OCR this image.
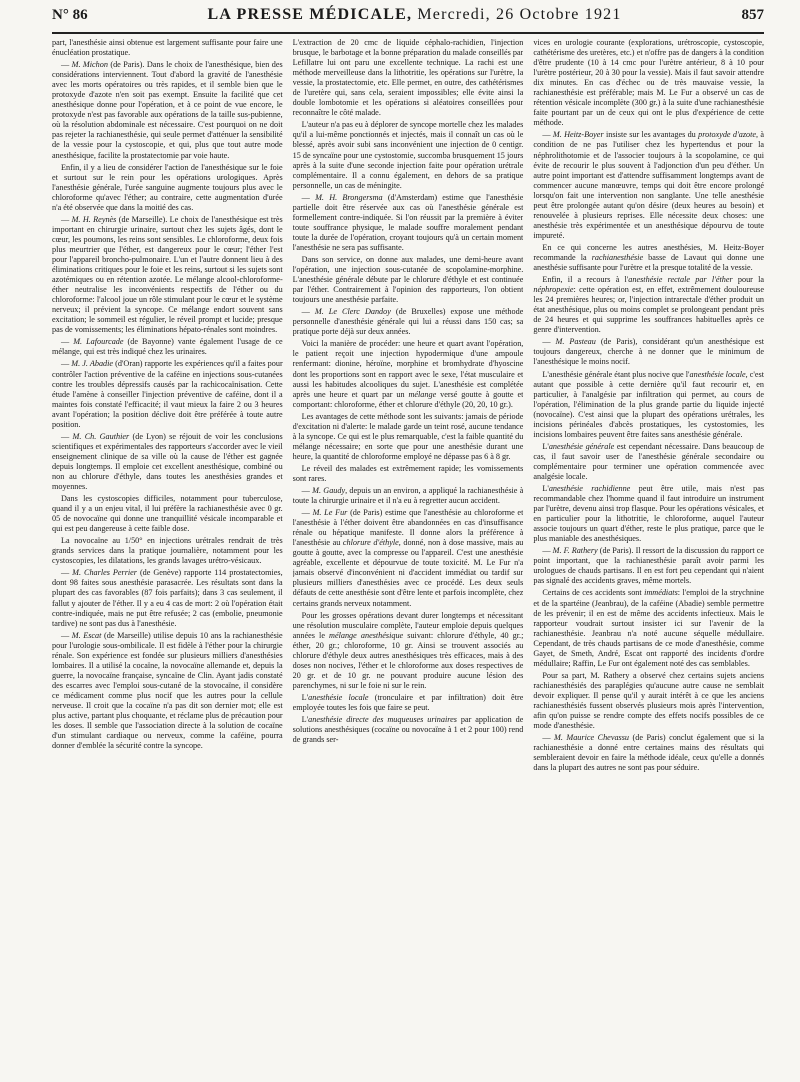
N° 86	LA PRESSE MÉDICALE, Mercredi, 26 Octobre 1921	857

part, l'anesthésie ainsi obtenue est largement suffisante pour faire une énucléation prostatique.

— M. Michon (de Paris). Dans le choix de l'anesthésique, bien des considérations interviennent. Tout d'abord la gravité de l'anesthésie avec les morts opératoires ou très rapides, et il semble bien que le protoxyde d'azote n'en soit pas exempt. Ensuite la facilité que cet anesthésique donne pour l'opération, et à ce point de vue encore, le protoxyde n'est pas favorable aux opérations de la taille sus-pubienne, où la résolution abdominale est nécessaire. C'est pourquoi on ne doit pas rejeter la rachianesthésie, qui seule permet d'atténuer la sensibilité de la vessie pour la cystoscopie, et qui, plus que tout autre mode anesthésique, facilite la prostatectomie par voie haute.

Enfin, il y a lieu de considérer l'action de l'anesthésique sur le foie et surtout sur le rein pour les opérations urologiques. Après l'anesthésie générale, l'urée sanguine augmente toujours plus avec le chloroforme qu'avec l'éther; au contraire, cette augmentation d'urée n'a été observée que dans la moitié des cas.

— M. H. Reynès (de Marseille). Le choix de l'anesthésique est très important en chirurgie urinaire, surtout chez les sujets âgés, dont le cœur, les poumons, les reins sont sensibles. Le chloroforme, deux fois plus meurtrier que l'éther, est dangereux pour le cœur; l'éther l'est pour l'appareil broncho-pulmonaire. L'un et l'autre donnent lieu à des éliminations critiques pour le foie et les reins, surtout si les sujets sont azotémiques ou en rétention azotée. Le mélange alcool-chloroforme-éther neutralise les inconvénients respectifs de l'éther ou du chloroforme: l'alcool joue un rôle stimulant pour le cœur et le système nerveux; il prévient la syncope. Ce mélange endort souvent sans excitation; le sommeil est régulier, le réveil prompt et lucide; presque pas de vomissements; les éliminations hépato-rénales sont moindres.

— M. Lafourcade (de Bayonne) vante également l'usage de ce mélange, qui est très indiqué chez les urinaires.

— M. J. Abadie (d'Oran) rapporte les expériences qu'il a faites pour contrôler l'action préventive de la caféine en injections sous-cutanées contre les troubles dépressifs causés par la rachicocaïnisation. Cette étude l'amène à conseiller l'injection préventive de caféine, dont il a maintes fois constaté l'efficacité; il vaut mieux la faire 2 ou 3 heures avant l'opération; la position déclive doit être préférée à toute autre position.

— M. Ch. Gauthier (de Lyon) se réjouit de voir les conclusions scientifiques et expérimentales des rapporteurs s'accorder avec le vieil enseignement clinique de sa ville où la cause de l'éther est gagnée depuis longtemps. Il emploie cet excellent anesthésique, combiné ou non au chlorure d'éthyle, dans toutes les anesthésies grandes et moyennes.

Dans les cystoscopies difficiles, notamment pour tuberculose, quand il y a un enjeu vital, il lui préfère la rachianesthésie avec 0 gr. 05 de novocaïne qui donne une tranquillité vésicale incomparable et qui est peu dangereuse à cette faible dose.

La novocaïne au 1/50° en injections urétrales rendrait de très grands services dans la pratique journalière, notamment pour les cystoscopies, les dilatations, les grands lavages urétro-vésicaux.

— M. Charles Perrier (de Genève) rapporte 114 prostatectomies, dont 98 faites sous anesthésie parasacrée. Les résultats sont dans la plupart des cas favorables (87 fois parfaits); dans 3 cas seulement, il fallut y ajouter de l'éther. Il y a eu 4 cas de mort: 2 où l'opération était contre-indiquée, mais ne put être refusée; 2 cas (embolie, pneumonie tardive) ne sont pas dus à l'anesthésie.

— M. Escat (de Marseille) utilise depuis 10 ans la rachianesthésie pour l'urologie sous-ombilicale. Il est fidèle à l'éther pour la chirurgie rénale. Son expérience est fondée sur plusieurs milliers d'anesthésies lombaires. Il a utilisé la cocaïne, la novocaïne allemande et, depuis la guerre, la novocaïne française, syncaïne de Clin. Ayant jadis constaté des escarres avec l'emploi sous-cutané de la stovocaïne, il considère ce médicament comme plus nocif que les autres pour la cellule nerveuse. Il croit que la cocaïne n'a pas dit son dernier mot; elle est plus active, partant plus choquante, et réclame plus de précaution pour les doses. Il semble que l'association directe à la solution de cocaïne d'un stimulant cardiaque ou nerveux, comme la caféine, pourra donner d'emblée la sécurité contre la syncope.

L'extraction de 20 cmc de liquide céphalo-rachidien, l'injection brusque, le barbotage et la bonne préparation du malade conseillés par Lefillatre lui ont paru une excellente technique. La rachi est une méthode merveilleuse dans la lithotritie, les opérations sur l'urètre, la vessie, la prostatectomie, etc. Elle permet, en outre, des cathétérismes de l'uretère qui, sans cela, seraient impossibles; elle évite ainsi la double lombotomie et les opérations si aléatoires conseillées pour reconnaître le côté malade.

L'auteur n'a pas eu à déplorer de syncope mortelle chez les malades qu'il a lui-même ponctionnés et injectés, mais il connaît un cas où le blessé, après avoir subi sans inconvénient une injection de 0 centigr. 15 de syncaïne pour une cystostomie, succomba brusquement 15 jours après à la suite d'une seconde injection faite pour opération urétrale complémentaire. Il a connu également, en dehors de sa pratique personnelle, un cas de méningite.

— M. H. Brongersma (d'Amsterdam) estime que l'anesthésie partielle doit être réservée aux cas où l'anesthésie générale est formellement contre-indiquée. Si l'on réussit par la première à éviter toute souffrance physique, le malade souffre moralement pendant toute la durée de l'opération, croyant toujours qu'à un certain moment l'anesthésie ne sera pas suffisante.

Dans son service, on donne aux malades, une demi-heure avant l'opération, une injection sous-cutanée de scopolamine-morphine. L'anesthésie générale débute par le chlorure d'éthyle et est continuée par l'éther. Contrairement à l'opinion des rapporteurs, l'on obtient toujours une anesthésie parfaite.

— M. Le Clerc Dandoy (de Bruxelles) expose une méthode personnelle d'anesthésie générale qui lui a réussi dans 150 cas; sa pratique porte déjà sur deux années.

Voici la manière de procéder: une heure et quart avant l'opération, le patient reçoit une injection hypodermique d'une ampoule renfermant: dionine, héroïne, morphine et bromhydrate d'hyoscine dont les proportions sont en rapport avec le sexe, l'état musculaire et aussi les habitudes alcooliques du sujet. L'anesthésie est complétée après une heure et quart par un mélange versé goutte à goutte et comportant: chloroforme, éther et chlorure d'éthyle (20, 20, 10 gr.).

Les avantages de cette méthode sont les suivants: jamais de période d'excitation ni d'alerte: le malade garde un teint rosé, aucune tendance à la syncope. Ce qui est le plus remarquable, c'est la faible quantité du mélange nécessaire; en sorte que pour une anesthésie durant une heure, la quantité de chloroforme employé ne dépasse pas 6 à 8 gr.

Le réveil des malades est extrêmement rapide; les vomissements sont rares.

— M. Gaudy, depuis un an environ, a appliqué la rachianesthésie à toute la chirurgie urinaire et il n'a eu à regretter aucun accident.

— M. Le Fur (de Paris) estime que l'anesthésie au chloroforme et l'anesthésie à l'éther doivent être abandonnées en cas d'insuffisance rénale ou hépatique manifeste. Il donne alors la préférence à l'anesthésie au chlorure d'éthyle, donné, non à dose massive, mais au goutte à goutte, avec la compresse ou l'appareil. C'est une anesthésie agréable, excellente et dépourvue de toute toxicité. M. Le Fur n'a jamais observé d'inconvénient ni d'accident immédiat ou tardif sur plusieurs milliers d'anesthésies avec ce procédé. Les deux seuls défauts de cette anesthésie sont d'être lente et parfois incomplète, chez certains grands nerveux notamment.

Pour les grosses opérations devant durer longtemps et nécessitant une résolution musculaire complète, l'auteur emploie depuis quelques années le mélange anesthésique suivant: chlorure d'éthyle, 40 gr.; éther, 20 gr.; chloroforme, 10 gr. Ainsi se trouvent associés au chlorure d'éthyle deux autres anesthésiques très efficaces, mais à des doses non nocives, l'éther et le chloroforme aux doses respectives de 20 gr. et de 10 gr. ne pouvant produire aucune lésion des parenchymes, ni sur le foie ni sur le rein.

L'anesthésie locale (tronculaire et par infiltration) doit être employée toutes les fois que faire se peut.

L'anesthésie directe des muqueuses urinaires par application de solutions anesthésiques (cocaïne ou novocaïne à 1 et 2 pour 100) rend de grands ser-

vices en urologie courante (explorations, urétroscopie, cystoscopie, cathétérisme des uretères, etc.) et n'offre pas de dangers à la condition d'être prudente (10 à 14 cmc pour l'urètre antérieur, 8 à 10 pour l'urètre postérieur, 20 à 30 pour la vessie). Mais il faut savoir attendre dix minutes. En cas d'échec ou de très mauvaise vessie, la rachianesthésie est préférable; mais M. Le Fur a observé un cas de rétention vésicale incomplète (300 gr.) à la suite d'une rachianesthésie faite pourtant par un de ceux qui ont le plus d'expérience de cette méthode.

— M. Heitz-Boyer insiste sur les avantages du protoxyde d'azote, à condition de ne pas l'utiliser chez les hypertendus et pour la néphrolithotomie et de l'associer toujours à la scopolamine, ce qui évite de recourir le plus souvent à l'adjonction d'un peu d'éther. Un autre point important est d'attendre suffisamment longtemps avant de commencer aucune manœuvre, temps qui doit être encore prolongé lorsqu'on fait une intervention non sanglante. Une telle anesthésie peut être prolongée autant qu'on désire (deux heures au besoin) et renouvelée à plusieurs reprises. Elle nécessite deux choses: une anesthésie très expérimentée et un anesthésique dépourvu de toute impureté.

En ce qui concerne les autres anesthésies, M. Heitz-Boyer recommande la rachianesthésie basse de Lavaut qui donne une anesthésie suffisante pour l'urètre et la presque totalité de la vessie.

Enfin, il a recours à l'anesthésie rectale par l'éther pour la néphropexie: cette opération est, en effet, extrêmement douloureuse les 24 premières heures; or, l'injection intrarectale d'éther produit un état anesthésique, plus ou moins complet se prolongeant pendant près de 24 heures et qui supprime les souffrances habituelles après ce genre d'intervention.

— M. Pasteau (de Paris), considérant qu'un anesthésique est toujours dangereux, cherche à ne donner que le minimum de l'anesthésique le moins nocif.

L'anesthésie générale étant plus nocive que l'anesthésie locale, c'est autant que possible à cette dernière qu'il faut recourir et, en particulier, à l'analgésie par infiltration qui permet, au cours de l'opération, l'élimination de la plus grande partie du liquide injecté (novocaïne). C'est ainsi que la plupart des opérations urétrales, les incisions périnéales d'abcès prostatiques, les cystostomies, les incisions lombaires peuvent être faites sans anesthésie générale.

L'anesthésie générale est cependant nécessaire. Dans beaucoup de cas, il faut savoir user de l'anesthésie générale secondaire ou complémentaire pour terminer une opération commencée avec analgésie locale.

L'anesthésie rachidienne peut être utile, mais n'est pas recommandable chez l'homme quand il faut introduire un instrument par l'urètre, devenu ainsi trop flasque. Pour les opérations vésicales, et en particulier pour la lithotritie, le chloroforme, auquel l'auteur associe toujours un quart d'éther, reste le plus pratique, parce que le plus maniable des anesthésiques.

— M. F. Rathery (de Paris). Il ressort de la discussion du rapport ce point important, que la rachianesthésie paraît avoir parmi les urologues de chauds partisans. Il en est fort peu cependant qui n'aient pas signalé des accidents graves, même mortels.

Certains de ces accidents sont immédiats: l'emploi de la strychnine et de la spartéine (Jeanbrau), de la caféine (Abadie) semble permettre de les prévenir; il en est de même des accidents infectieux. Mais le rapporteur voudrait surtout insister ici sur l'avenir de la rachianesthésie. Jeanbrau n'a noté aucune séquelle médullaire. Cependant, de très chauds partisans de ce mode d'anesthésie, comme Gayet, de Smeth, André, Escat ont rapporté des incidents d'ordre médullaire; Raffin, Le Fur ont également noté des cas semblables.

Pour sa part, M. Rathery a observé chez certains sujets anciens rachianesthésiés des paraplégies qu'aucune autre cause ne semblait devoir expliquer. Il pense qu'il y aurait intérêt à ce que les anciens rachianesthésiés fussent observés plusieurs mois après l'intervention, afin qu'on puisse se rendre compte des effets nocifs possibles de ce mode d'anesthésie.

— M. Maurice Chevassu (de Paris) conclut également que si la rachianesthésie a donné entre certaines mains des résultats qui sembleraient devoir en faire la méthode idéale, ceux qu'elle a donnés dans la plupart des autres ne sont pas pour séduire.
